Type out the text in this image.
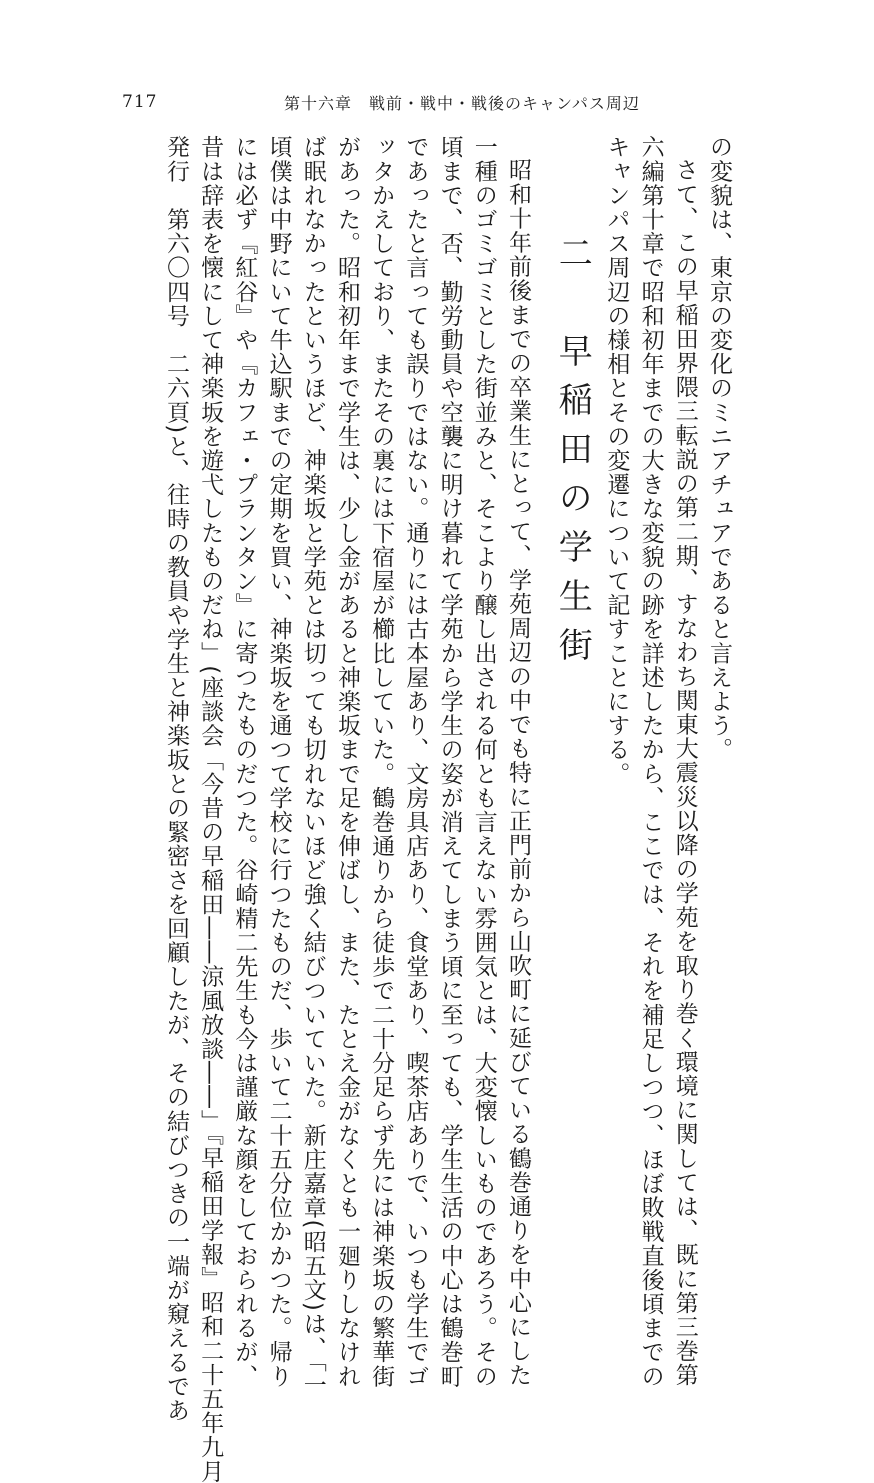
717	第十六章　戦前・戦中・戦後のキャンパス周辺
の変貌は、東京の変化のミニアチュアであると言えよう。
さて、この早稲田界隈三転説の第二期、すなわち関東大震災以降の学苑を取り巻く環境に関しては、既に第三巻第
六編第十章で昭和初年までの大きな変貌の跡を詳述したから、ここでは、それを補足しつつ、ほぼ敗戦直後頃までの
キャンパス周辺の様相とその変遷について記すことにする。
二　早稲田の学生街
昭和十年前後までの卒業生にとって、学苑周辺の中でも特に正門前から山吹町に延びている鶴巻通りを中心にした
一種のゴミゴミとした街並みと、そこより醸し出される何とも言えない雰囲気とは、大変懐しいものであろう。その
頃まで、否、勤労動員や空襲に明け暮れて学苑から学生の姿が消えてしまう頃に至っても、学生生活の中心は鶴巻町
であったと言っても誤りではない。通りには古本屋あり、文房具店あり、食堂あり、喫茶店ありで、いつも学生でゴ
ッタかえしており、またその裏には下宿屋が櫛比していた。鶴巻通りから徒歩で二十分足らず先には神楽坂の繁華街
があった。昭和初年まで学生は、少し金があると神楽坂まで足を伸ばし、また、たとえ金がなくとも一廻りしなけれ
ば眠れなかったというほど、神楽坂と学苑とは切っても切れないほど強く結びついていた。新庄嘉章(昭五文)は、「一
頃僕は中野にいて牛込駅までの定期を買い、神楽坂を通つて学校に行つたものだ、歩いて二十五分位かかつた。帰り
には必ず『紅谷』や『カフェ・プランタン』に寄つたものだつた。谷崎精二先生も今は謹厳な顔をしておられるが、
昔は辞表を懐にして神楽坂を遊弋したものだね」(座談会「今昔の早稲田――涼風放談――」『早稲田学報』昭和二十五年九月
発行　第六〇四号　二六頁)と、往時の教員や学生と神楽坂との緊密さを回顧したが、その結びつきの一端が窺えるであ
